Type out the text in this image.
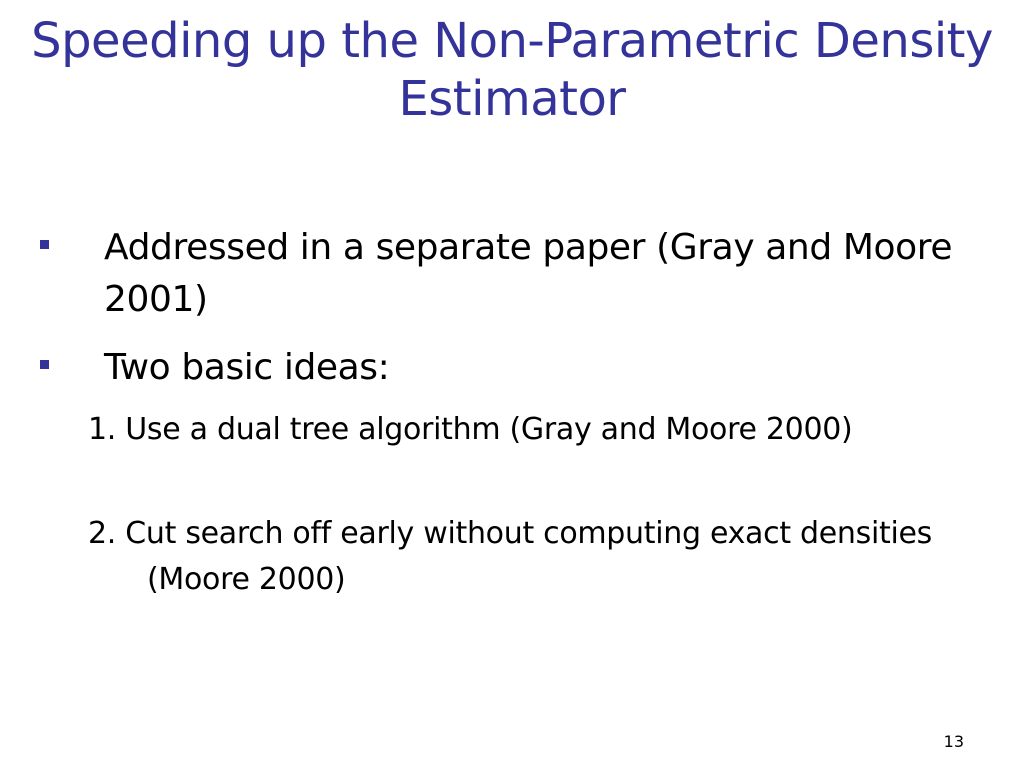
Speeding up the Non-Parametric Density Estimator
Addressed in a separate paper (Gray and Moore 2001)
Two basic ideas:
1. Use a dual tree algorithm (Gray and Moore 2000)
2. Cut search off early without computing exact densities (Moore 2000)
13
